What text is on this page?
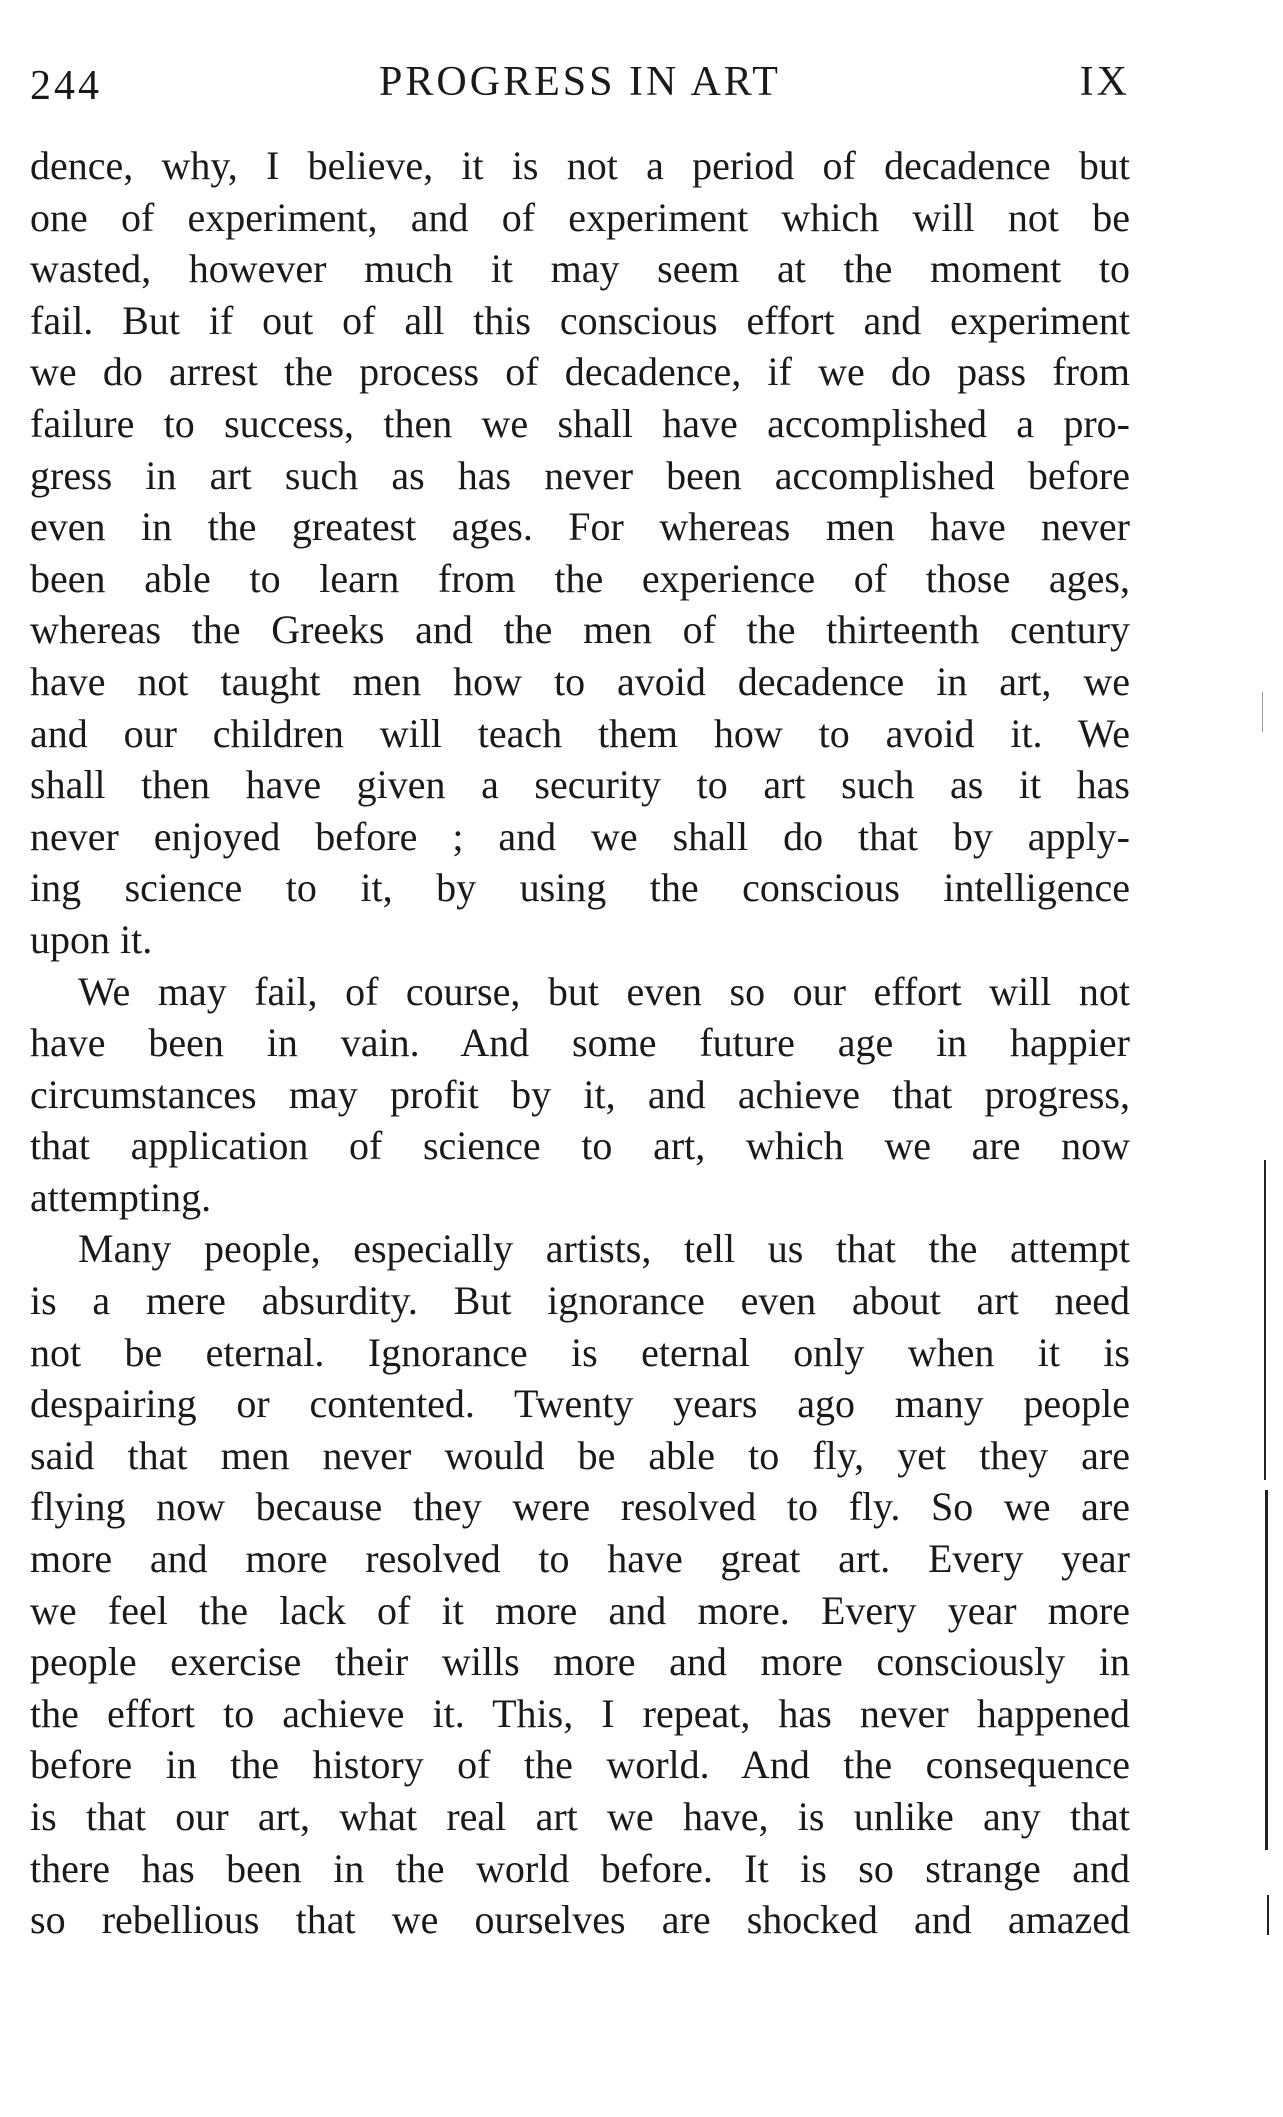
244	PROGRESS IN ART	IX
dence, why, I believe, it is not a period of decadence but
one of experiment, and of experiment which will not be
wasted, however much it may seem at the moment to
fail. But if out of all this conscious effort and experiment
we do arrest the process of decadence, if we do pass from
failure to success, then we shall have accomplished a pro-
gress in art such as has never been accomplished before
even in the greatest ages. For whereas men have never
been able to learn from the experience of those ages,
whereas the Greeks and the men of the thirteenth century
have not taught men how to avoid decadence in art, we
and our children will teach them how to avoid it. We
shall then have given a security to art such as it has
never enjoyed before ; and we shall do that by apply-
ing science to it, by using the conscious intelligence
upon it.
We may fail, of course, but even so our effort will not
have been in vain. And some future age in happier
circumstances may profit by it, and achieve that progress,
that application of science to art, which we are now
attempting.
Many people, especially artists, tell us that the attempt
is a mere absurdity. But ignorance even about art need
not be eternal. Ignorance is eternal only when it is
despairing or contented. Twenty years ago many people
said that men never would be able to fly, yet they are
flying now because they were resolved to fly. So we are
more and more resolved to have great art. Every year
we feel the lack of it more and more. Every year more
people exercise their wills more and more consciously in
the effort to achieve it. This, I repeat, has never happened
before in the history of the world. And the consequence
is that our art, what real art we have, is unlike any that
there has been in the world before. It is so strange and
so rebellious that we ourselves are shocked and amazed
